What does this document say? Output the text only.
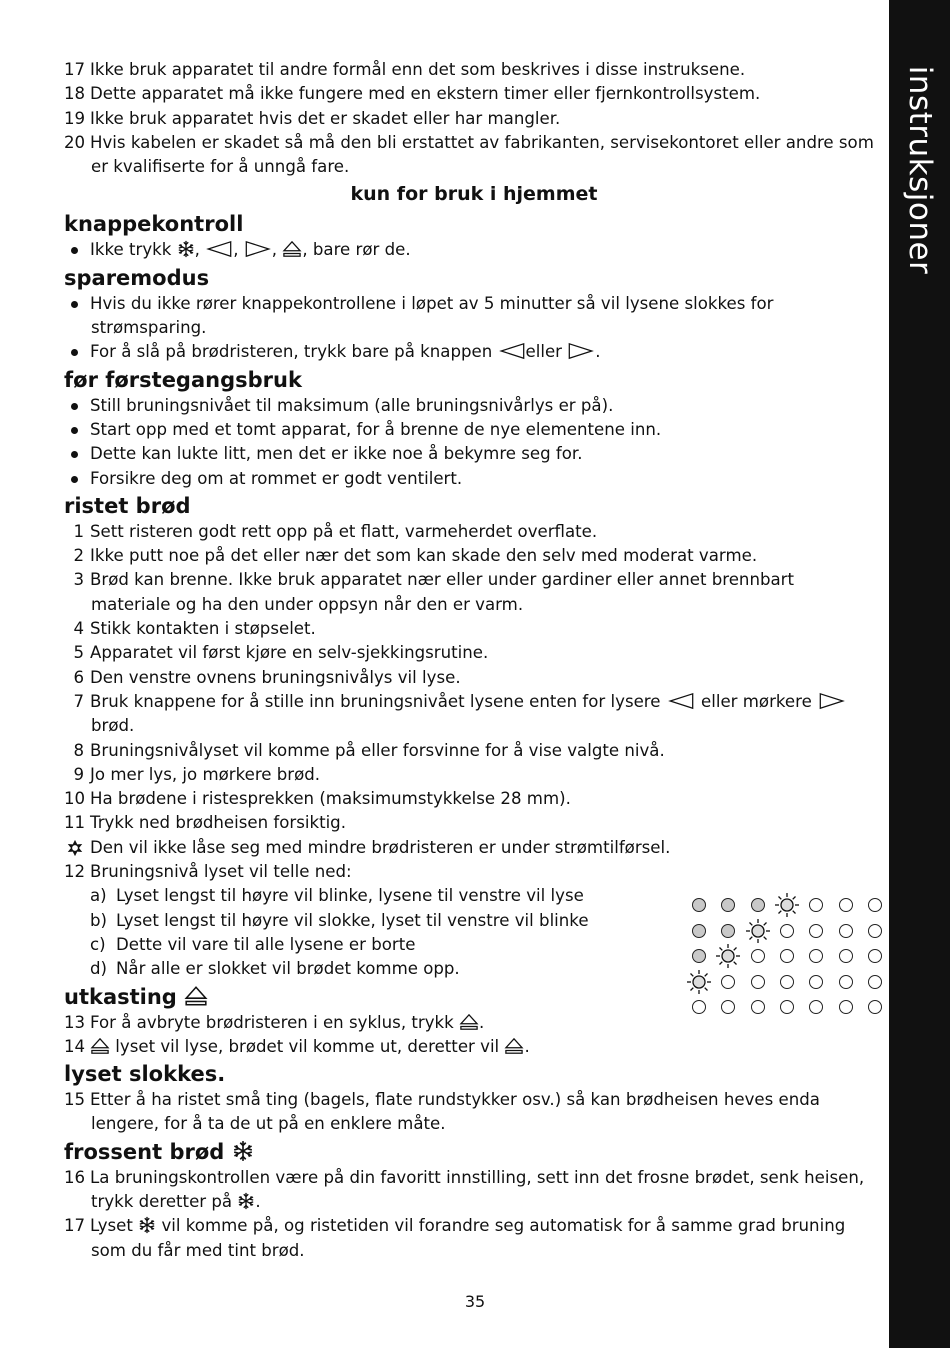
instruksjoner
17 Ikke bruk apparatet til andre formål enn det som beskrives i disse instruksene.
18 Dette apparatet må ikke fungere med en ekstern timer eller fjernkontrollsystem.
19 Ikke bruk apparatet hvis det er skadet eller har mangler.
20 Hvis kabelen er skadet så må den bli erstattet av fabrikanten, servisekontoret eller andre som
er kvalifiserte for å unngå fare.
kun for bruk i hjemmet
knappekontroll
Ikke trykk , , , , bare rør de.
sparemodus
Hvis du ikke rører knappekontrollene i løpet av 5 minutter så vil lysene slokkes for
strømsparing.
For å slå på brødristeren, trykk bare på knappen eller .
før førstegangsbruk
Still bruningsnivået til maksimum (alle bruningsnivårlys er på).
Start opp med et tomt apparat, for å brenne de nye elementene inn.
Dette kan lukte litt, men det er ikke noe å bekymre seg for.
Forsikre deg om at rommet er godt ventilert.
ristet brød
1 Sett risteren godt rett opp på et flatt, varmeherdet overflate.
2 Ikke putt noe på det eller nær det som kan skade den selv med moderat varme.
3 Brød kan brenne. Ikke bruk apparatet nær eller under gardiner eller annet brennbart
materiale og ha den under oppsyn når den er varm.
4 Stikk kontakten i støpselet.
5 Apparatet vil først kjøre en selv-sjekkingsrutine.
6 Den venstre ovnens bruningsnivålys vil lyse.
7 Bruk knappene for å stille inn bruningsnivået lysene enten for lysere eller mørkere
brød.
8 Bruningsnivålyset vil komme på eller forsvinne for å vise valgte nivå.
9 Jo mer lys, jo mørkere brød.
10 Ha brødene i ristesprekken (maksimumstykkelse 28 mm).
11 Trykk ned brødheisen forsiktig.
Den vil ikke låse seg med mindre brødristeren er under strømtilførsel.
12 Bruningsnivå lyset vil telle ned:
a) Lyset lengst til høyre vil blinke, lysene til venstre vil lyse
b) Lyset lengst til høyre vil slokke, lyset til venstre vil blinke
c) Dette vil vare til alle lysene er borte
d) Når alle er slokket vil brødet komme opp.
utkasting
13 For å avbryte brødristeren i en syklus, trykk .
14	lyset vil lyse, brødet vil komme ut, deretter vil .
lyset slokkes.
15 Etter å ha ristet små ting (bagels, flate rundstykker osv.) så kan brødheisen heves enda
lengere, for å ta de ut på en enklere måte.
frossent brød
16 La bruningskontrollen være på din favoritt innstilling, sett inn det frosne brødet, senk heisen,
trykk deretter på .
17 Lyset vil komme på, og ristetiden vil forandre seg automatisk for å samme grad bruning
som du får med tint brød.
35
